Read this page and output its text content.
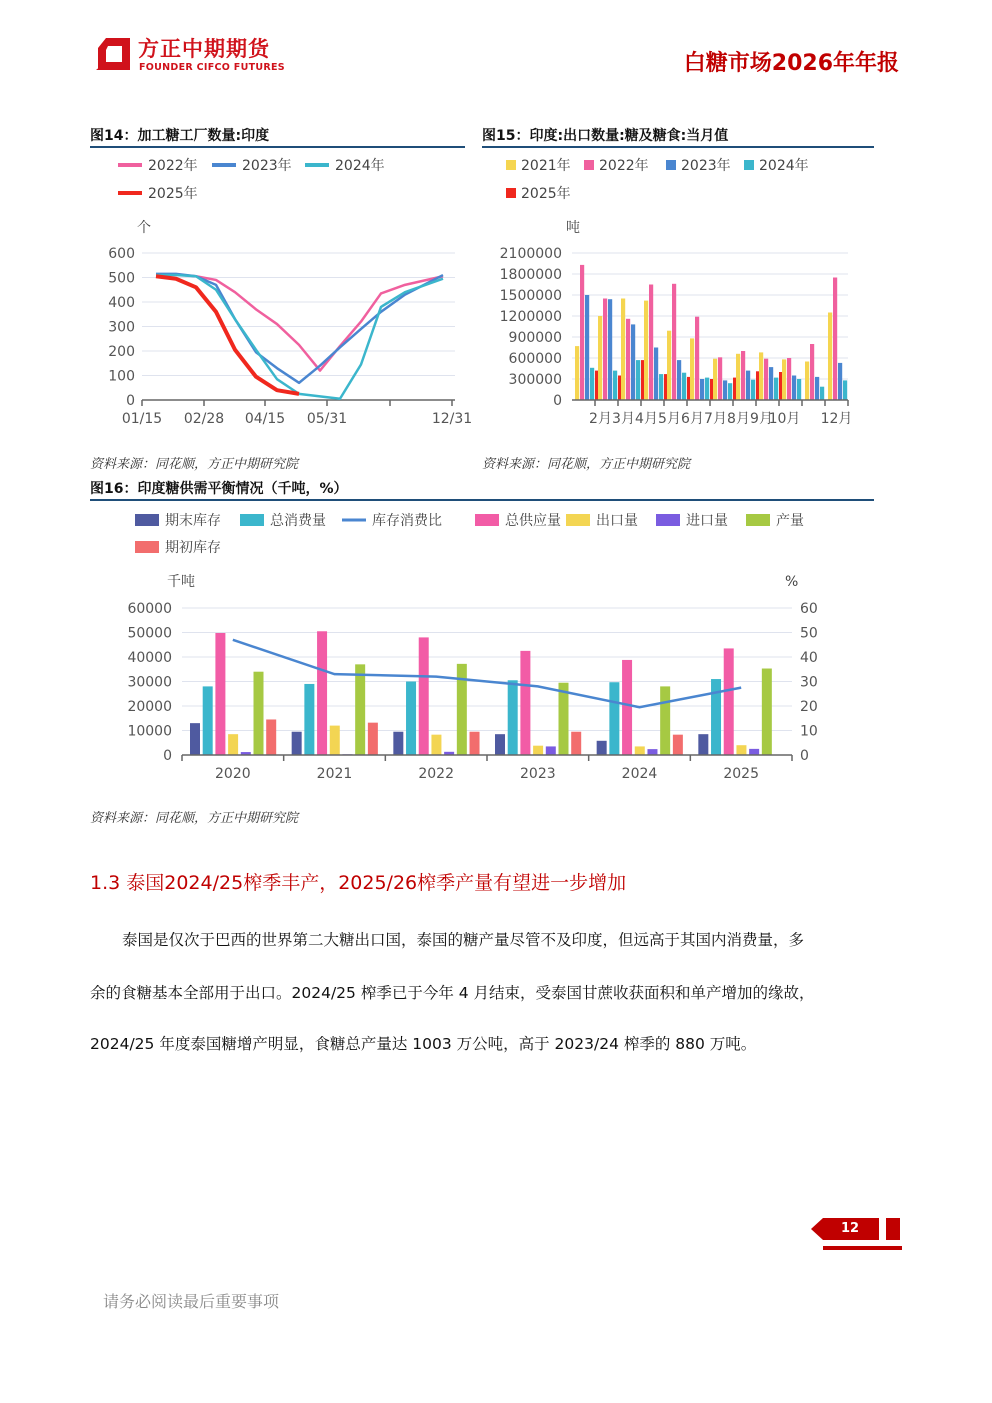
方正中期期货
FOUNDER CIFCO FUTURES	白糖市场2026年年报
图14：加工糖工厂数量:印度
2022年	2023年	2024年
2025年
个
0
100
200
300
400
500
600
01/15 02/28 04/15 05/31	12/31
资料来源：同花顺，方正中期研究院
图15：印度:出口数量:糖及糖食:当月值
2021年 2022年 2023年 2024年
2025年
吨
0
300000
600000
900000
1200000
1500000
1800000
2100000
2月 3月 4月 5月 6月 7月 8月 9月
10月 12月
资料来源：同花顺，方正中期研究院
图16：印度糖供需平衡情况（千吨，%）
期末库存	总消费量	库存消费比	总供应量	出口量	进口量	产量
期初库存
千吨	%
0	0
10000	10
20000	20
30000	30
40000	40
50000	50
60000	60
2020	2021	2022	2023	2024	2025
资料来源：同花顺，方正中期研究院
1.3 泰国2024/25榨季丰产，2025/26榨季产量有望进一步增加
泰国是仅次于巴西的世界第二大糖出口国，泰国的糖产量尽管不及印度，但远高于其国内消费量，多
余的食糖基本全部用于出口。2024/25 榨季已于今年 4 月结束，受泰国甘蔗收获面积和单产增加的缘故，
2024/25 年度泰国糖增产明显，食糖总产量达 1003 万公吨，高于 2023/24 榨季的 880 万吨。
12
请务必阅读最后重要事项
